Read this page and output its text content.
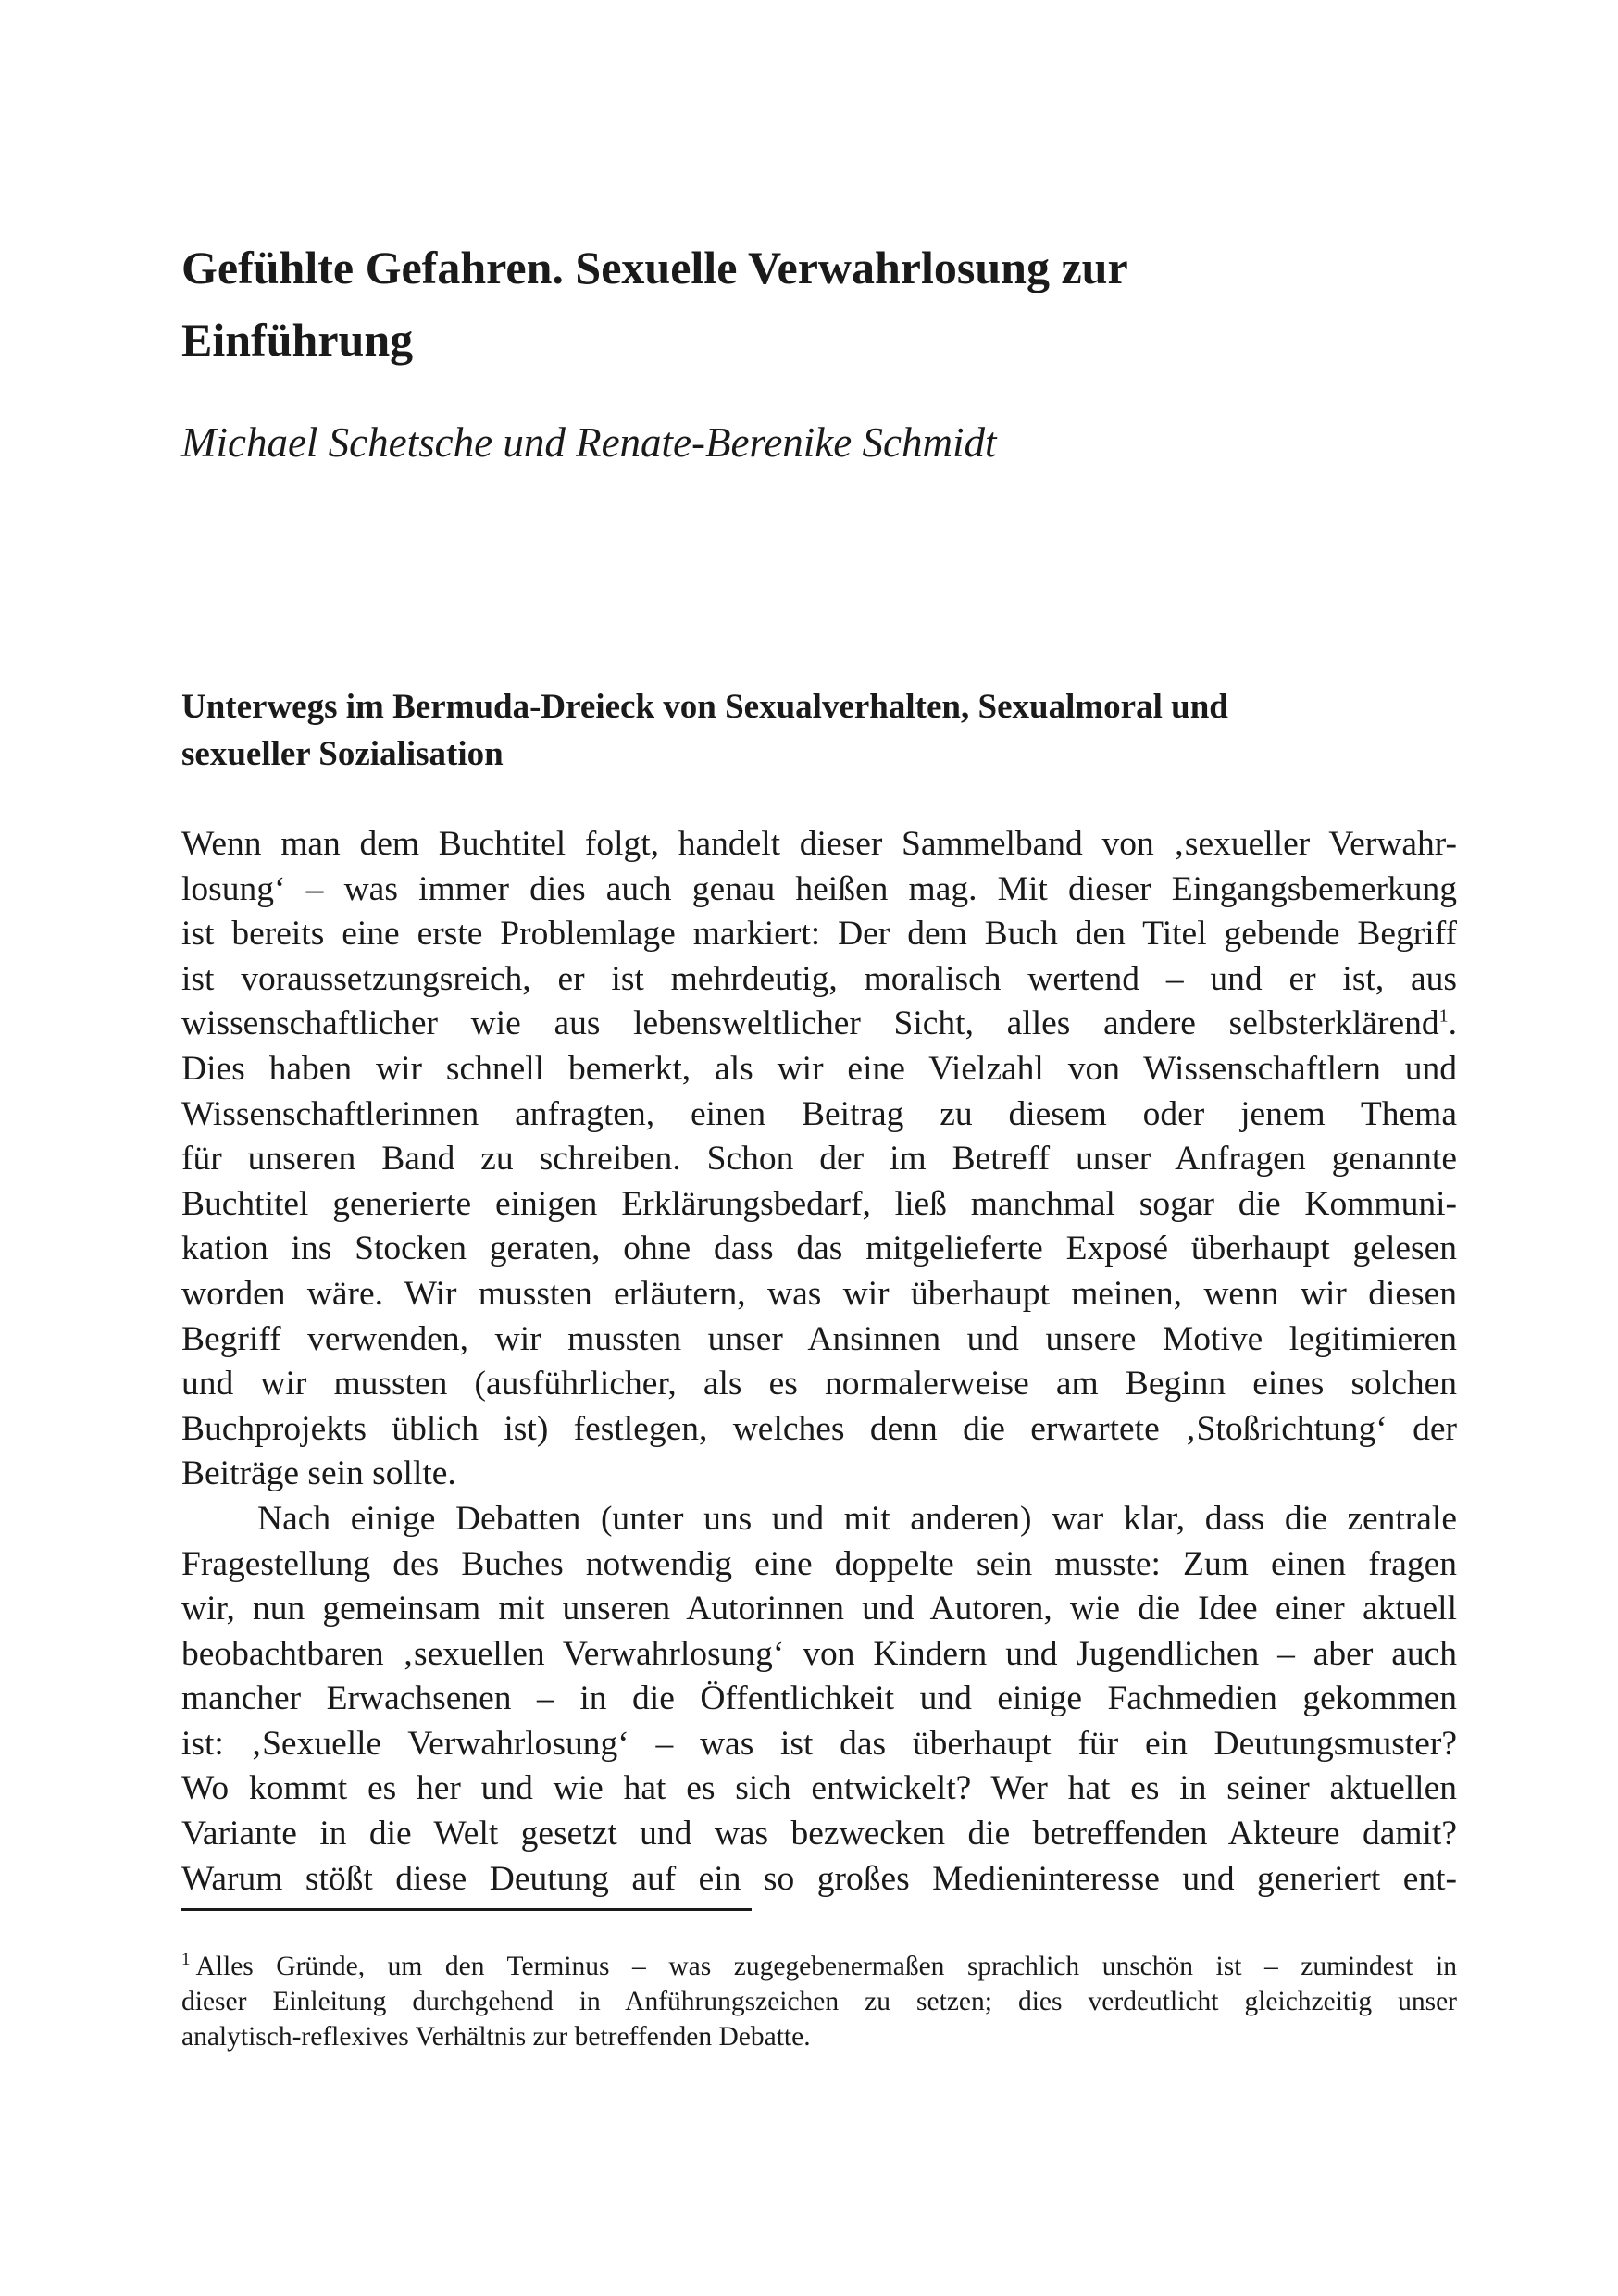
Gefühlte Gefahren. Sexuelle Verwahrlosung zur
Einführung

Michael Schetsche und Renate-Berenike Schmidt

Unterwegs im Bermuda-Dreieck von Sexualverhalten, Sexualmoral und
sexueller Sozialisation
Wenn man dem Buchtitel folgt, handelt dieser Sammelband von ‚sexueller Verwahr-
losung‘ – was immer dies auch genau heißen mag. Mit dieser Eingangsbemerkung
ist bereits eine erste Problemlage markiert: Der dem Buch den Titel gebende Begriff
ist voraussetzungsreich, er ist mehrdeutig, moralisch wertend – und er ist, aus
wissenschaftlicher wie aus lebensweltlicher Sicht, alles andere selbsterklärend$^1$.
Dies haben wir schnell bemerkt, als wir eine Vielzahl von Wissenschaftlern und
Wissenschaftlerinnen anfragten, einen Beitrag zu diesem oder jenem Thema
für unseren Band zu schreiben. Schon der im Betreff unser Anfragen genannte
Buchtitel generierte einigen Erklärungsbedarf, ließ manchmal sogar die Kommuni-
kation ins Stocken geraten, ohne dass das mitgelieferte Exposé überhaupt gelesen
worden wäre. Wir mussten erläutern, was wir überhaupt meinen, wenn wir diesen
Begriff verwenden, wir mussten unser Ansinnen und unsere Motive legitimieren
und wir mussten (ausführlicher, als es normalerweise am Beginn eines solchen
Buchprojekts üblich ist) festlegen, welches denn die erwartete ‚Stoßrichtung‘ der
Beiträge sein sollte.
Nach einige Debatten (unter uns und mit anderen) war klar, dass die zentrale
Fragestellung des Buches notwendig eine doppelte sein musste: Zum einen fragen
wir, nun gemeinsam mit unseren Autorinnen und Autoren, wie die Idee einer aktuell
beobachtbaren ‚sexuellen Verwahrlosung‘ von Kindern und Jugendlichen – aber auch
mancher Erwachsenen – in die Öffentlichkeit und einige Fachmedien gekommen
ist: ‚Sexuelle Verwahrlosung‘ – was ist das überhaupt für ein Deutungsmuster?
Wo kommt es her und wie hat es sich entwickelt? Wer hat es in seiner aktuellen
Variante in die Welt gesetzt und was bezwecken die betreffenden Akteure damit?
Warum stößt diese Deutung auf ein so großes Medieninteresse und generiert ent-
$^1$ Alles Gründe, um den Terminus – was zugegebenermaßen sprachlich unschön ist – zumindest in
dieser Einleitung durchgehend in Anführungszeichen zu setzen; dies verdeutlicht gleichzeitig unser
analytisch-reflexives Verhältnis zur betreffenden Debatte.
